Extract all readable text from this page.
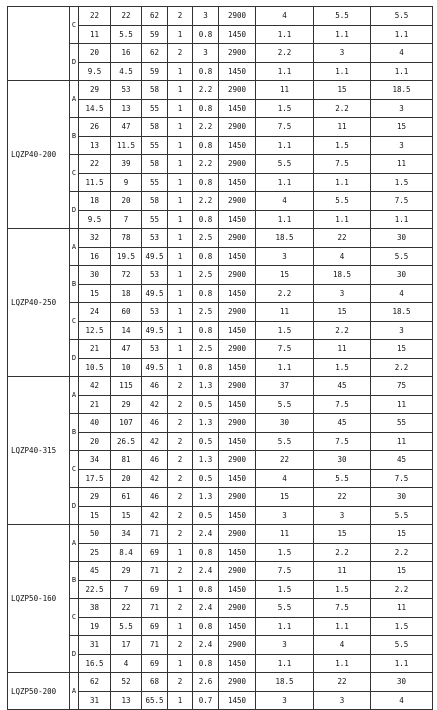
	C	22	22	62	2	3	2900	4	5.5	5.5
		11	5.5	59	1	0.8	1450	1.1	1.1	1.1
	D	20	16	62	2	3	2900	2.2	3	4
		9.5	4.5	59	1	0.8	1450	1.1	1.1	1.1
LQZP40-200	A	29	53	58	1	2.2	2900	11	15	18.5
		14.5	13	55	1	0.8	1450	1.5	2.2	3
	B	26	47	58	1	2.2	2900	7.5	11	15
		13	11.5	55	1	0.8	1450	1.1	1.5	3
	C	22	39	58	1	2.2	2900	5.5	7.5	11
		11.5	9	55	1	0.8	1450	1.1	1.1	1.5
	D	18	20	58	1	2.2	2900	4	5.5	7.5
		9.5	7	55	1	0.8	1450	1.1	1.1	1.1
LQZP40-250	A	32	78	53	1	2.5	2900	18.5	22	30
		16	19.5	49.5	1	0.8	1450	3	4	5.5
	B	30	72	53	1	2.5	2900	15	18.5	30
		15	18	49.5	1	0.8	1450	2.2	3	4
	C	24	60	53	1	2.5	2900	11	15	18.5
		12.5	14	49.5	1	0.8	1450	1.5	2.2	3
	D	21	47	53	1	2.5	2900	7.5	11	15
		10.5	10	49.5	1	0.8	1450	1.1	1.5	2.2
LQZP40-315	A	42	115	46	2	1.3	2900	37	45	75
		21	29	42	2	0.5	1450	5.5	7.5	11
	B	40	107	46	2	1.3	2900	30	45	55
		20	26.5	42	2	0.5	1450	5.5	7.5	11
	C	34	81	46	2	1.3	2900	22	30	45
		17.5	20	42	2	0.5	1450	4	5.5	7.5
	D	29	61	46	2	1.3	2900	15	22	30
		15	15	42	2	0.5	1450	3	3	5.5
LQZP50-160	A	50	34	71	2	2.4	2900	11	15	15
		25	8.4	69	1	0.8	1450	1.5	2.2	2.2
	B	45	29	71	2	2.4	2900	7.5	11	15
		22.5	7	69	1	0.8	1450	1.5	1.5	2.2
	C	38	22	71	2	2.4	2900	5.5	7.5	11
		19	5.5	69	1	0.8	1450	1.1	1.1	1.5
	D	31	17	71	2	2.4	2900	3	4	5.5
		16.5	4	69	1	0.8	1450	1.1	1.1	1.1
LQZP50-200	A	62	52	68	2	2.6	2900	18.5	22	30
		31	13	65.5	1	0.7	1450	3	3	4
